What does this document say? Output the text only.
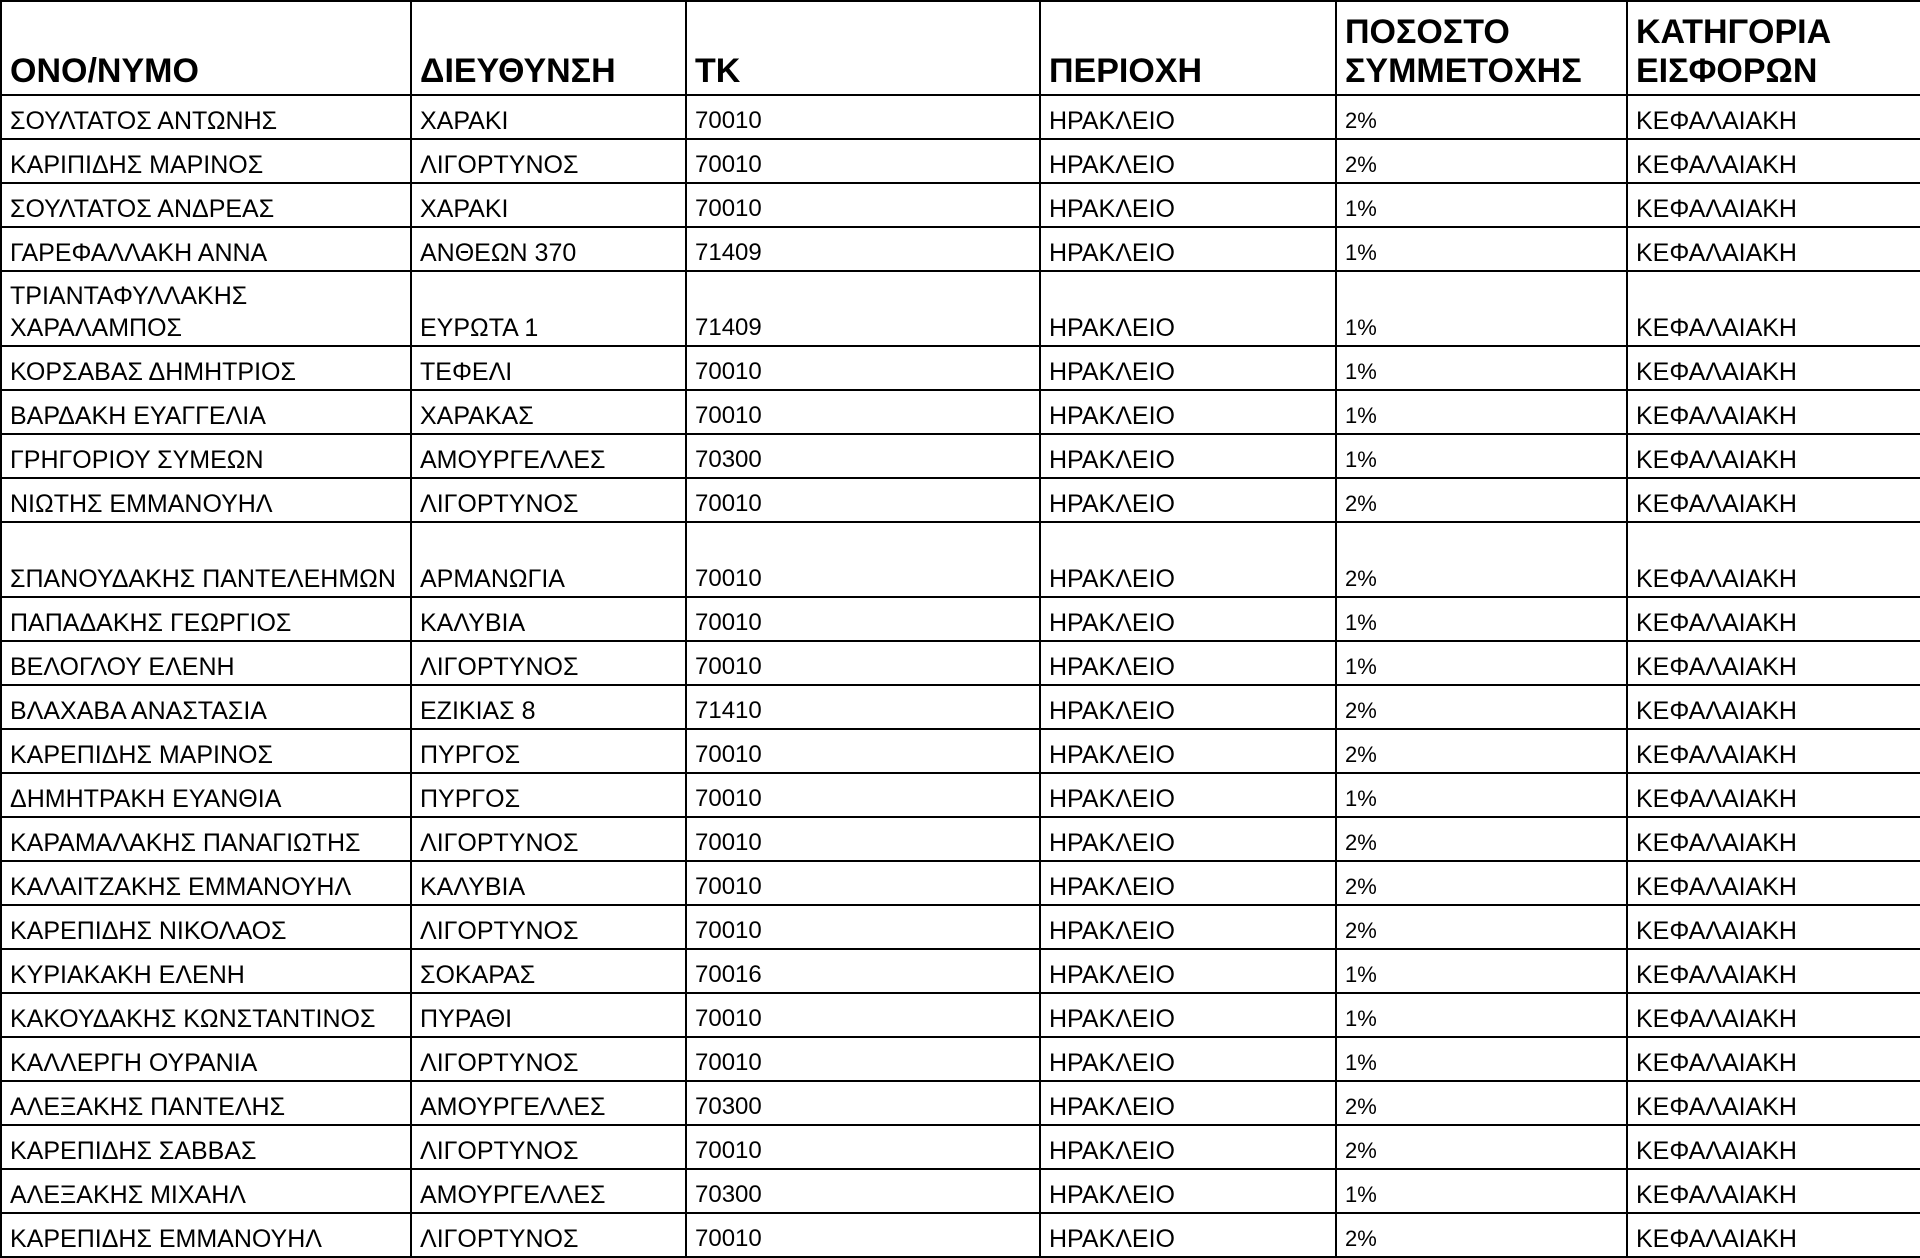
ΟΝΟ/ΝΥΜΟ	ΔΙΕΥΘΥΝΣΗ	ΤΚ	ΠΕΡΙΟΧΗ	ΠΟΣΟΣΤΟ ΣΥΜΜΕΤΟΧΗΣ	ΚΑΤΗΓΟΡΙΑ ΕΙΣΦΟΡΩΝ
ΣΟΥΛΤΑΤΟΣ ΑΝΤΩΝΗΣ	ΧΑΡΑΚΙ	70010	ΗΡΑΚΛΕΙΟ	2%	ΚΕΦΑΛΑΙΑΚΗ
ΚΑΡΙΠΙΔΗΣ ΜΑΡΙΝΟΣ	ΛΙΓΟΡΤΥΝΟΣ	70010	ΗΡΑΚΛΕΙΟ	2%	ΚΕΦΑΛΑΙΑΚΗ
ΣΟΥΛΤΑΤΟΣ ΑΝΔΡΕΑΣ	ΧΑΡΑΚΙ	70010	ΗΡΑΚΛΕΙΟ	1%	ΚΕΦΑΛΑΙΑΚΗ
ΓΑΡΕΦΑΛΛΑΚΗ ΑΝΝΑ	ΑΝΘΕΩΝ 370	71409	ΗΡΑΚΛΕΙΟ	1%	ΚΕΦΑΛΑΙΑΚΗ
ΤΡΙΑΝΤΑΦΥΛΛΑΚΗΣ ΧΑΡΑΛΑΜΠΟΣ	ΕΥΡΩΤΑ 1	71409	ΗΡΑΚΛΕΙΟ	1%	ΚΕΦΑΛΑΙΑΚΗ
ΚΟΡΣΑΒΑΣ ΔΗΜΗΤΡΙΟΣ	ΤΕΦΕΛΙ	70010	ΗΡΑΚΛΕΙΟ	1%	ΚΕΦΑΛΑΙΑΚΗ
ΒΑΡΔΑΚΗ ΕΥΑΓΓΕΛΙΑ	ΧΑΡΑΚΑΣ	70010	ΗΡΑΚΛΕΙΟ	1%	ΚΕΦΑΛΑΙΑΚΗ
ΓΡΗΓΟΡΙΟΥ ΣΥΜΕΩΝ	ΑΜΟΥΡΓΕΛΛΕΣ	70300	ΗΡΑΚΛΕΙΟ	1%	ΚΕΦΑΛΑΙΑΚΗ
ΝΙΩΤΗΣ ΕΜΜΑΝΟΥΗΛ	ΛΙΓΟΡΤΥΝΟΣ	70010	ΗΡΑΚΛΕΙΟ	2%	ΚΕΦΑΛΑΙΑΚΗ
ΣΠΑΝΟΥΔΑΚΗΣ ΠΑΝΤΕΛΕΗΜΩΝ	ΑΡΜΑΝΩΓΙΑ	70010	ΗΡΑΚΛΕΙΟ	2%	ΚΕΦΑΛΑΙΑΚΗ
ΠΑΠΑΔΑΚΗΣ ΓΕΩΡΓΙΟΣ	ΚΑΛΥΒΙΑ	70010	ΗΡΑΚΛΕΙΟ	1%	ΚΕΦΑΛΑΙΑΚΗ
ΒΕΛΟΓΛΟΥ ΕΛΕΝΗ	ΛΙΓΟΡΤΥΝΟΣ	70010	ΗΡΑΚΛΕΙΟ	1%	ΚΕΦΑΛΑΙΑΚΗ
ΒΛΑΧΑΒΑ ΑΝΑΣΤΑΣΙΑ	ΕΖΙΚΙΑΣ 8	71410	ΗΡΑΚΛΕΙΟ	2%	ΚΕΦΑΛΑΙΑΚΗ
ΚΑΡΕΠΙΔΗΣ ΜΑΡΙΝΟΣ	ΠΥΡΓΟΣ	70010	ΗΡΑΚΛΕΙΟ	2%	ΚΕΦΑΛΑΙΑΚΗ
ΔΗΜΗΤΡΑΚΗ ΕΥΑΝΘΙΑ	ΠΥΡΓΟΣ	70010	ΗΡΑΚΛΕΙΟ	1%	ΚΕΦΑΛΑΙΑΚΗ
ΚΑΡΑΜΑΛΑΚΗΣ ΠΑΝΑΓΙΩΤΗΣ	ΛΙΓΟΡΤΥΝΟΣ	70010	ΗΡΑΚΛΕΙΟ	2%	ΚΕΦΑΛΑΙΑΚΗ
ΚΑΛΑΙΤΖΑΚΗΣ ΕΜΜΑΝΟΥΗΛ	ΚΑΛΥΒΙΑ	70010	ΗΡΑΚΛΕΙΟ	2%	ΚΕΦΑΛΑΙΑΚΗ
ΚΑΡΕΠΙΔΗΣ ΝΙΚΟΛΑΟΣ	ΛΙΓΟΡΤΥΝΟΣ	70010	ΗΡΑΚΛΕΙΟ	2%	ΚΕΦΑΛΑΙΑΚΗ
ΚΥΡΙΑΚΑΚΗ ΕΛΕΝΗ	ΣΟΚΑΡΑΣ	70016	ΗΡΑΚΛΕΙΟ	1%	ΚΕΦΑΛΑΙΑΚΗ
ΚΑΚΟΥΔΑΚΗΣ ΚΩΝΣΤΑΝΤΙΝΟΣ	ΠΥΡΑΘΙ	70010	ΗΡΑΚΛΕΙΟ	1%	ΚΕΦΑΛΑΙΑΚΗ
ΚΑΛΛΕΡΓΗ ΟΥΡΑΝΙΑ	ΛΙΓΟΡΤΥΝΟΣ	70010	ΗΡΑΚΛΕΙΟ	1%	ΚΕΦΑΛΑΙΑΚΗ
ΑΛΕΞΑΚΗΣ ΠΑΝΤΕΛΗΣ	ΑΜΟΥΡΓΕΛΛΕΣ	70300	ΗΡΑΚΛΕΙΟ	2%	ΚΕΦΑΛΑΙΑΚΗ
ΚΑΡΕΠΙΔΗΣ ΣΑΒΒΑΣ	ΛΙΓΟΡΤΥΝΟΣ	70010	ΗΡΑΚΛΕΙΟ	2%	ΚΕΦΑΛΑΙΑΚΗ
ΑΛΕΞΑΚΗΣ ΜΙΧΑΗΛ	ΑΜΟΥΡΓΕΛΛΕΣ	70300	ΗΡΑΚΛΕΙΟ	1%	ΚΕΦΑΛΑΙΑΚΗ
ΚΑΡΕΠΙΔΗΣ ΕΜΜΑΝΟΥΗΛ	ΛΙΓΟΡΤΥΝΟΣ	70010	ΗΡΑΚΛΕΙΟ	2%	ΚΕΦΑΛΑΙΑΚΗ
